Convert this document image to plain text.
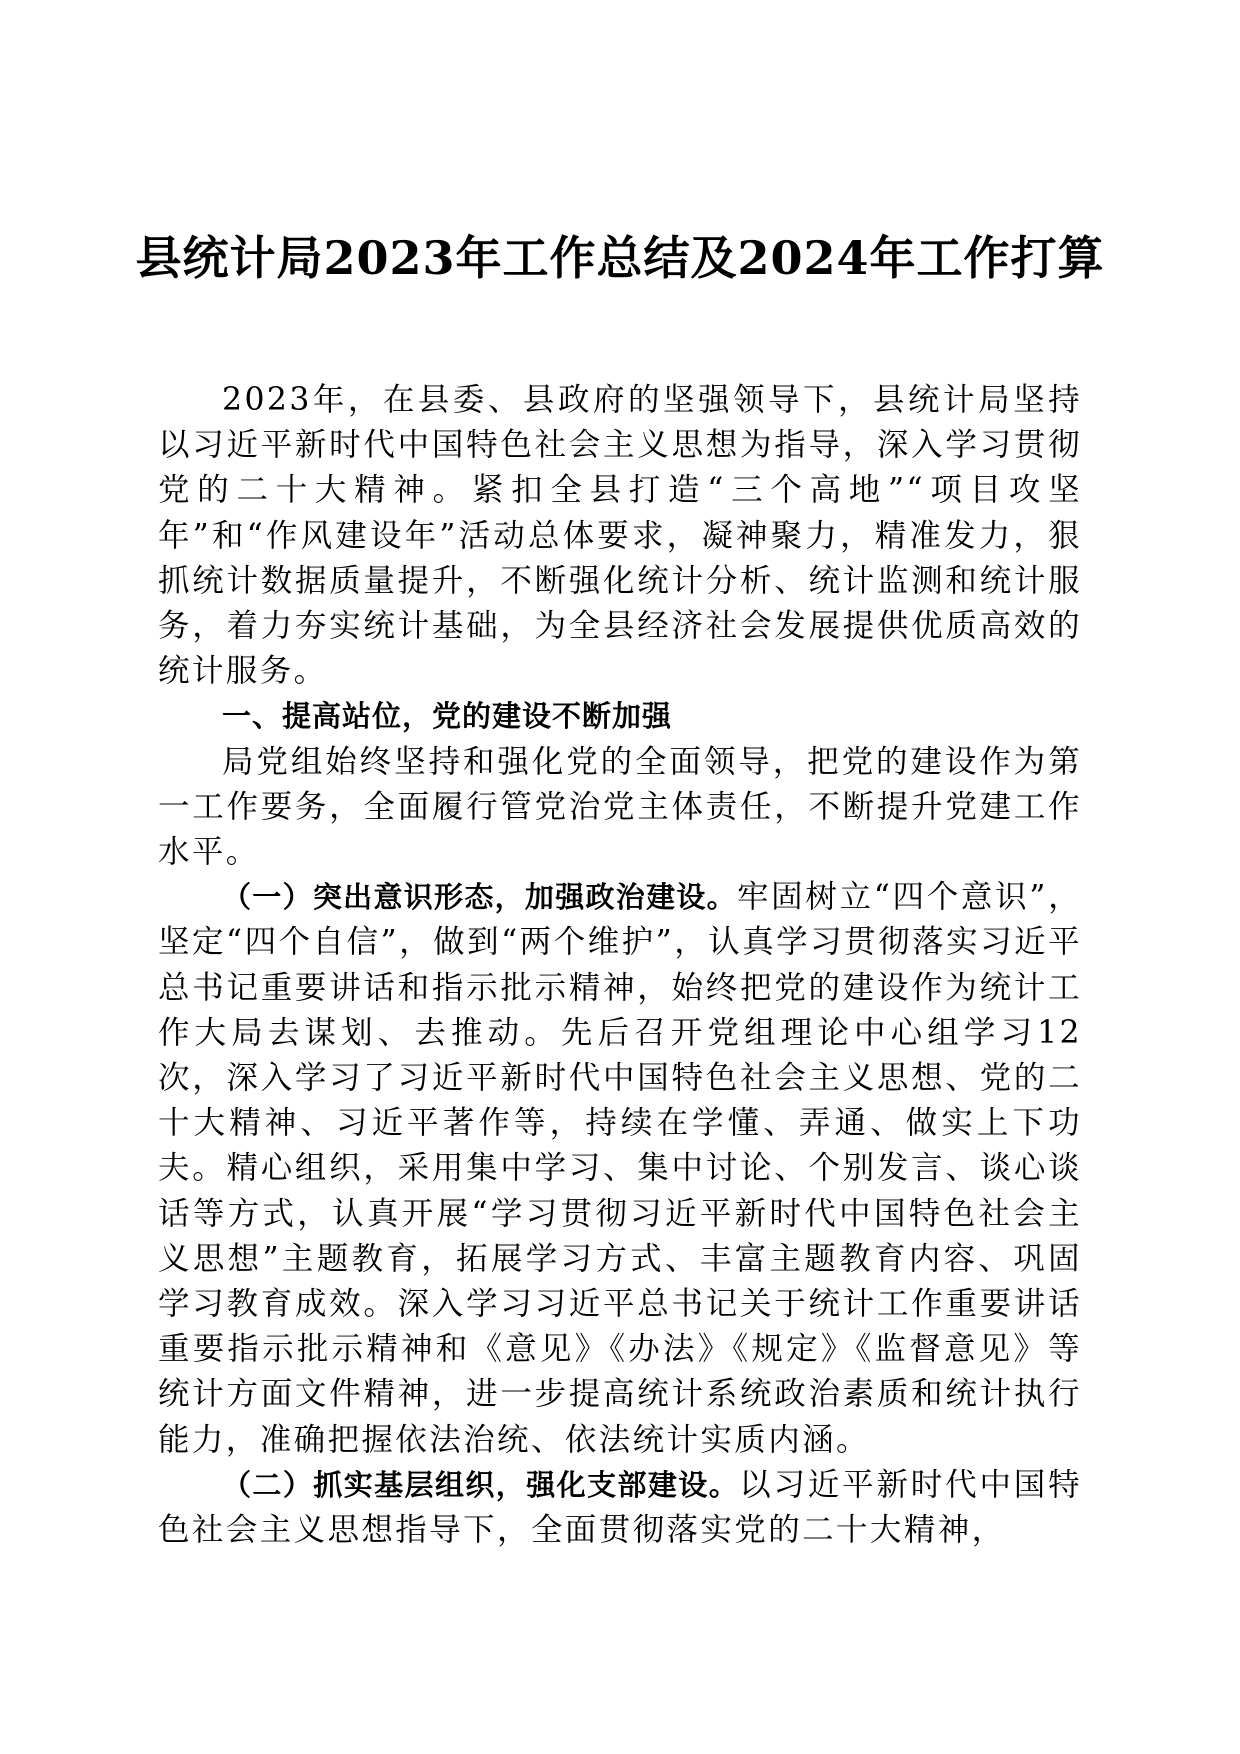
县统计局2023年工作总结及2024年工作打算

2023年，在县委、县政府的坚强领导下，县统计局坚持以习近平新时代中国特色社会主义思想为指导，深入学习贯彻党的二十大精神。紧扣全县打造“三个高地”“项目攻坚年”和“作风建设年”活动总体要求，凝神聚力，精准发力，狠抓统计数据质量提升，不断强化统计分析、统计监测和统计服务，着力夯实统计基础，为全县经济社会发展提供优质高效的统计服务。

一、提高站位，党的建设不断加强

局党组始终坚持和强化党的全面领导，把党的建设作为第一工作要务，全面履行管党治党主体责任，不断提升党建工作水平。

（一）突出意识形态，加强政治建设。牢固树立“四个意识”，坚定“四个自信”，做到“两个维护”，认真学习贯彻落实习近平总书记重要讲话和指示批示精神，始终把党的建设作为统计工作大局去谋划、去推动。先后召开党组理论中心组学习12次，深入学习了习近平新时代中国特色社会主义思想、党的二十大精神、习近平著作等，持续在学懂、弄通、做实上下功夫。精心组织，采用集中学习、集中讨论、个别发言、谈心谈话等方式，认真开展“学习贯彻习近平新时代中国特色社会主义思想”主题教育，拓展学习方式、丰富主题教育内容、巩固学习教育成效。深入学习习近平总书记关于统计工作重要讲话重要指示批示精神和《意见》《办法》《规定》《监督意见》等统计方面文件精神，进一步提高统计系统政治素质和统计执行能力，准确把握依法治统、依法统计实质内涵。

（二）抓实基层组织，强化支部建设。以习近平新时代中国特色社会主义思想指导下，全面贯彻落实党的二十大精神，
